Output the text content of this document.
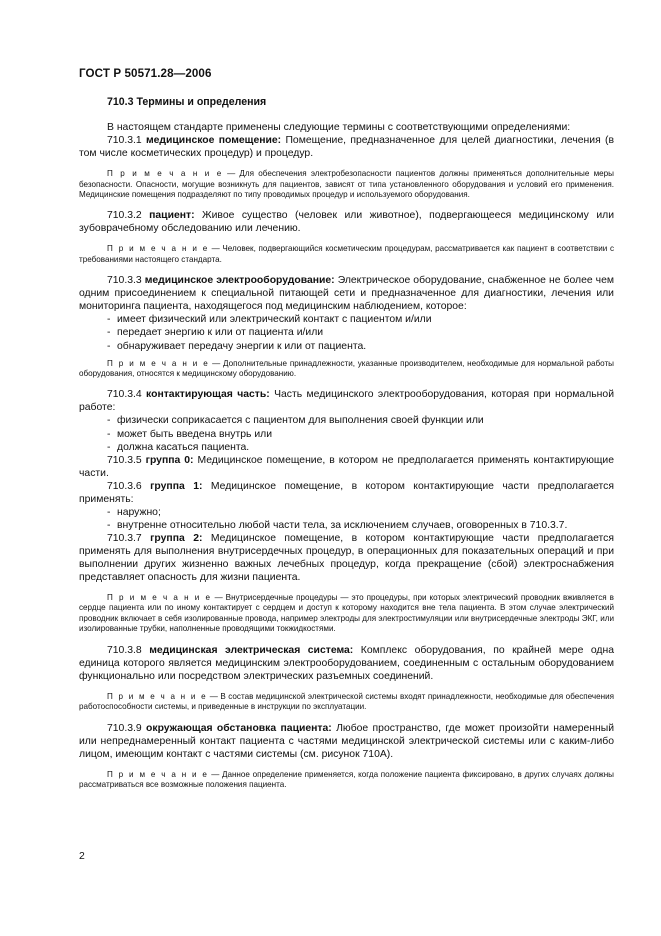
ГОСТ Р 50571.28—2006
710.3 Термины и определения

В настоящем стандарте применены следующие термины с соответствующими определениями:

710.3.1 медицинское помещение: Помещение, предназначенное для целей диагностики, лечения (в том числе косметических процедур) и процедур.

П р и м е ч а н и е — Для обеспечения электробезопасности пациентов должны применяться дополнительные меры безопасности. Опасности, могущие возникнуть для пациентов, зависят от типа установленного оборудования и условий его применения. Медицинские помещения подразделяют по типу проводимых процедур и используемого оборудования.

710.3.2 пациент: Живое существо (человек или животное), подвергающееся медицинскому или зубоврачебному обследованию или лечению.

П р и м е ч а н и е — Человек, подвергающийся косметическим процедурам, рассматривается как пациент в соответствии с требованиями настоящего стандарта.

710.3.3 медицинское электрооборудование: Электрическое оборудование, снабженное не более чем одним присоединением к специальной питающей сети и предназначенное для диагностики, лечения или мониторинга пациента, находящегося под медицинским наблюдением, которое:

- имеет физический или электрический контакт с пациентом и/или
- передает энергию к или от пациента и/или
- обнаруживает передачу энергии к или от пациента.

П р и м е ч а н и е — Дополнительные принадлежности, указанные производителем, необходимые для нормальной работы оборудования, относятся к медицинскому оборудованию.

710.3.4 контактирующая часть: Часть медицинского электрооборудования, которая при нормальной работе:

- физически соприкасается с пациентом для выполнения своей функции или
- может быть введена внутрь или
- должна касаться пациента.

710.3.5 группа 0: Медицинское помещение, в котором не предполагается применять контактирующие части.

710.3.6 группа 1: Медицинское помещение, в котором контактирующие части предполагается применять:

- наружно;
- внутренне относительно любой части тела, за исключением случаев, оговоренных в 710.3.7.

710.3.7 группа 2: Медицинское помещение, в котором контактирующие части предполагается применять для выполнения внутрисердечных процедур, в операционных для показательных операций и при выполнении других жизненно важных лечебных процедур, когда прекращение (сбой) электроснабжения представляет опасность для жизни пациента.

П р и м е ч а н и е — Внутрисердечные процедуры — это процедуры, при которых электрический проводник вживляется в сердце пациента или по иному контактирует с сердцем и доступ к которому находится вне тела пациента. В этом случае электрический проводник включает в себя изолированные провода, например электроды для электростимуляции или внутрисердечные электроды ЭКГ, или изолированные трубки, наполненные проводящими токжидкостями.

710.3.8 медицинская электрическая система: Комплекс оборудования, по крайней мере одна единица которого является медицинским электрооборудованием, соединенным с остальным оборудованием функционально или посредством электрических разъемных соединений.

П р и м е ч а н и е — В состав медицинской электрической системы входят принадлежности, необходимые для обеспечения работоспособности системы, и приведенные в инструкции по эксплуатации.

710.3.9 окружающая обстановка пациента: Любое пространство, где может произойти намеренный или непреднамеренный контакт пациента с частями медицинской электрической системы или с каким-либо лицом, имеющим контакт с частями системы (см. рисунок 710А).

П р и м е ч а н и е — Данное определение применяется, когда положение пациента фиксировано, в других случаях должны рассматриваться все возможные положения пациента.

2
